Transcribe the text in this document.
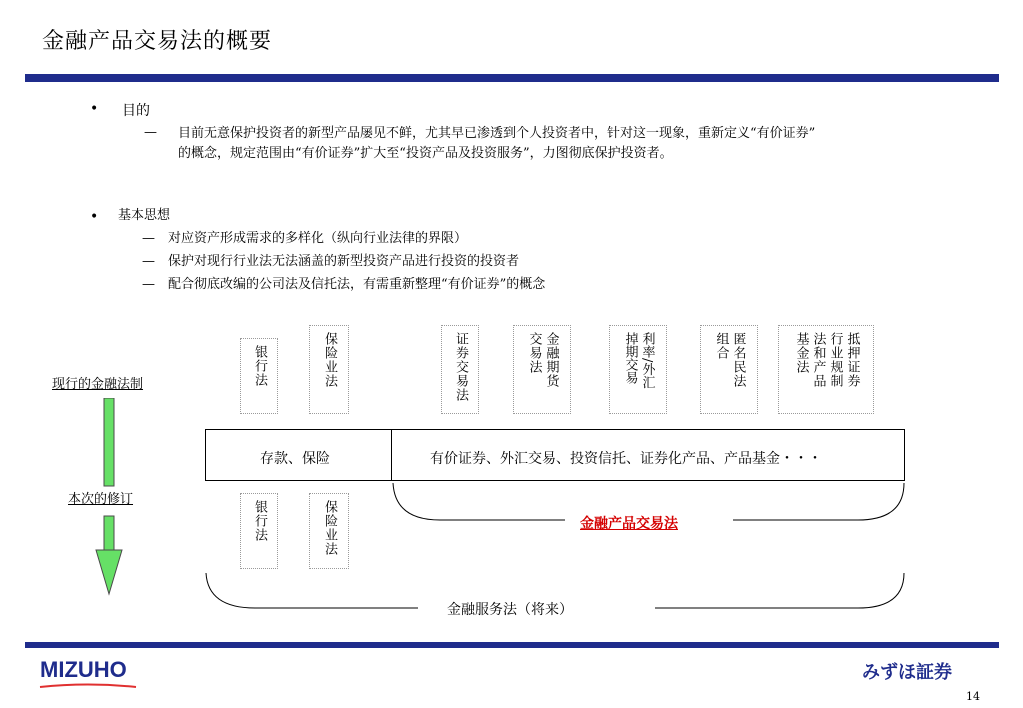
金融产品交易法的概要
• 目的
— 目前无意保护投资者的新型产品屡见不鲜，尤其早已渗透到个人投资者中，针对这一现象，重新定义“有价证券”
的概念，规定范围由“有价证券”扩大至“投资产品及投资服务”，力图彻底保护投资者。
• 基本思想
— 对应资产形成需求的多样化（纵向行业法律的界限）
— 保护对现行行业法无法涵盖的新型投资产品进行投资的投资者
— 配合彻底改编的公司法及信托法，有需重新整理“有价证券”的概念
现行的金融法制
本次的修订
银行法	保险业法	证券交易法	金融期货
交易法	利率/外汇
掉期交易	匿名民法
组合	抵押证券
行业规制
法和产品
基金法
存款、保险	有价证券、外汇交易、投资信托、证券化产品、产品基金・・・
银行法	保险业法	金融产品交易法
金融服务法（将来）
MIZUHO	みずほ証券
14
